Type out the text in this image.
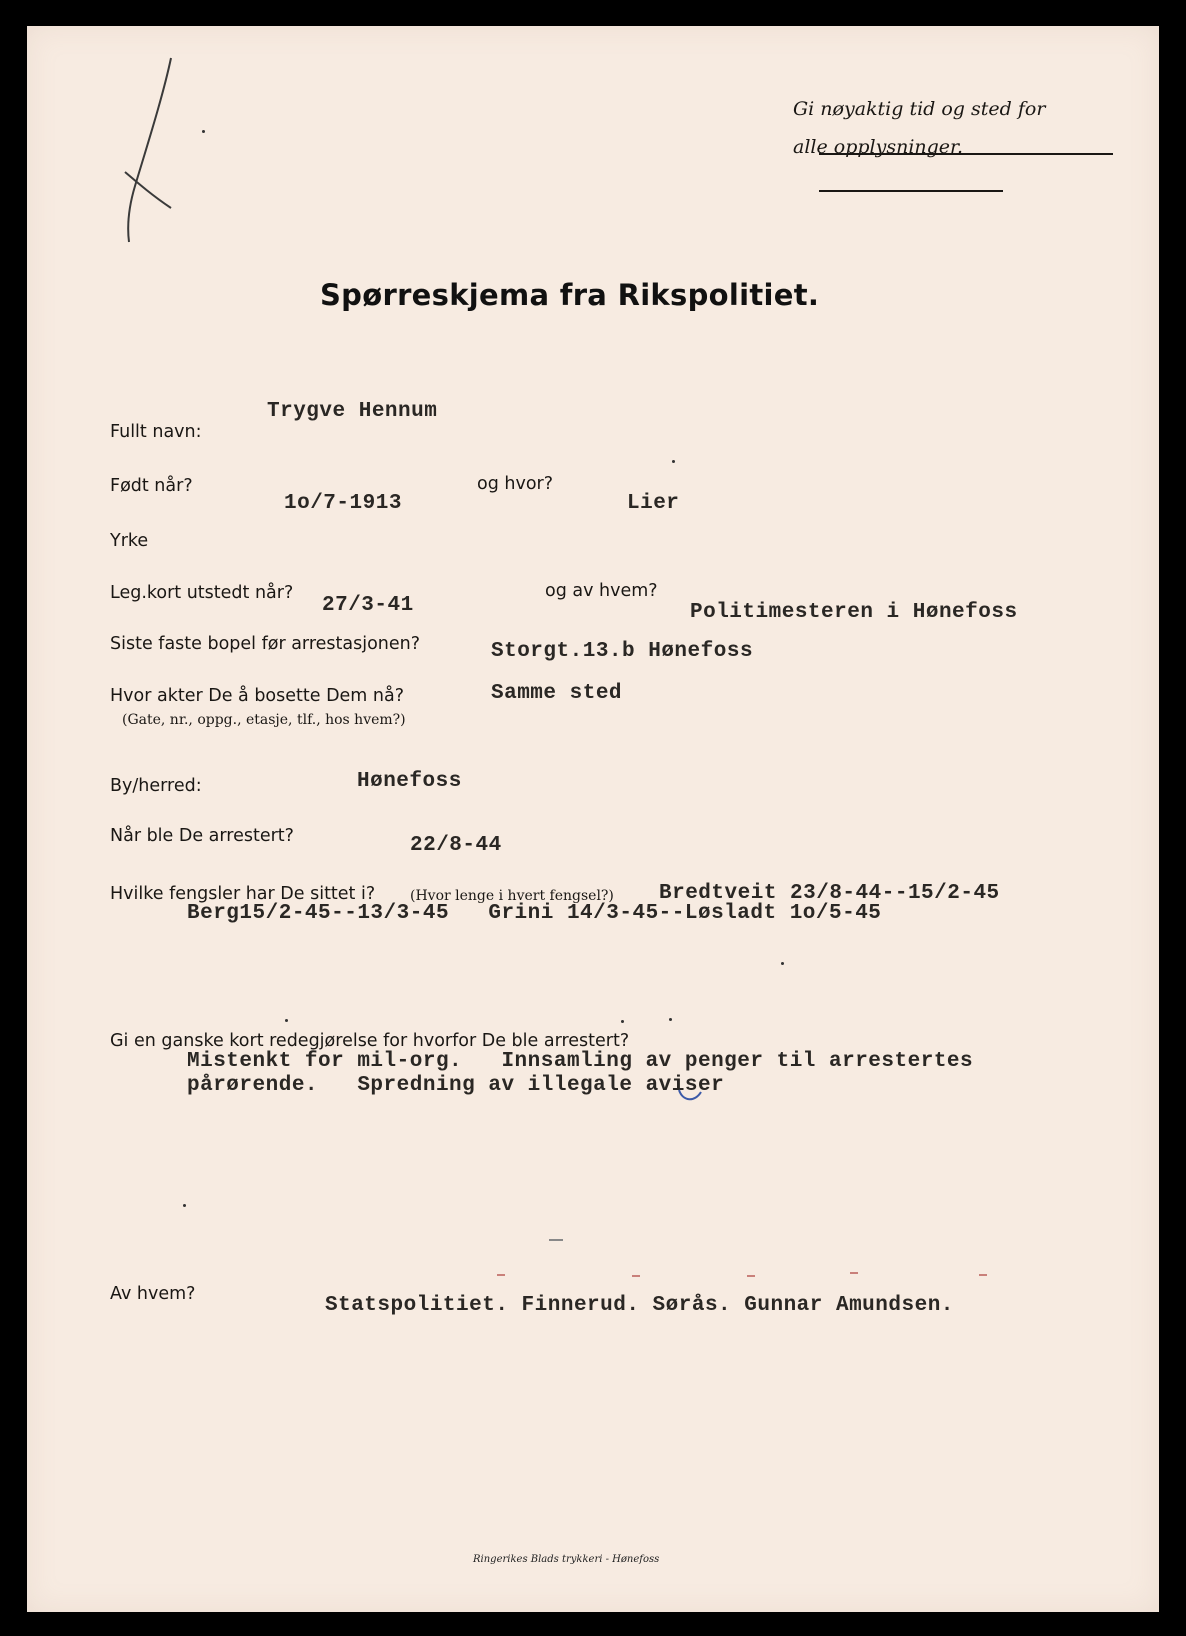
Gi nøyaktig tid og sted for
alle opplysninger.
Spørreskjema fra Rikspolitiet.
Fullt navn:
Trygve Hennum
Født når?
1o/7-1913
og hvor?
Lier
Yrke
Leg.kort utstedt når?
27/3-41
og av hvem?
Politimesteren i Hønefoss
Siste faste bopel før arrestasjonen?	Storgt.13.b Hønefoss
Hvor akter De å bosette Dem nå?
(Gate, nr., oppg., etasje, tlf., hos hvem?)
Samme sted
By/herred:	Hønefoss
Når ble De arrestert?	22/8-44
Hvilke fengsler har De sittet i? (Hvor lenge i hvert fengsel?) Bredtveit 23/8-44--15/2-45
Berg15/2-45--13/3-45   Grini 14/3-45--Løsladt 1o/5-45
Gi en ganske kort redegjørelse for hvorfor De ble arrestert?
Mistenkt for mil-org.   Innsamling av penger til arrestertes
pårørende.   Spredning av illegale aviser
Av hvem?	Statspolitiet. Finnerud. Sørås. Gunnar Amundsen.
Ringerikes Blads trykkeri - Hønefoss
